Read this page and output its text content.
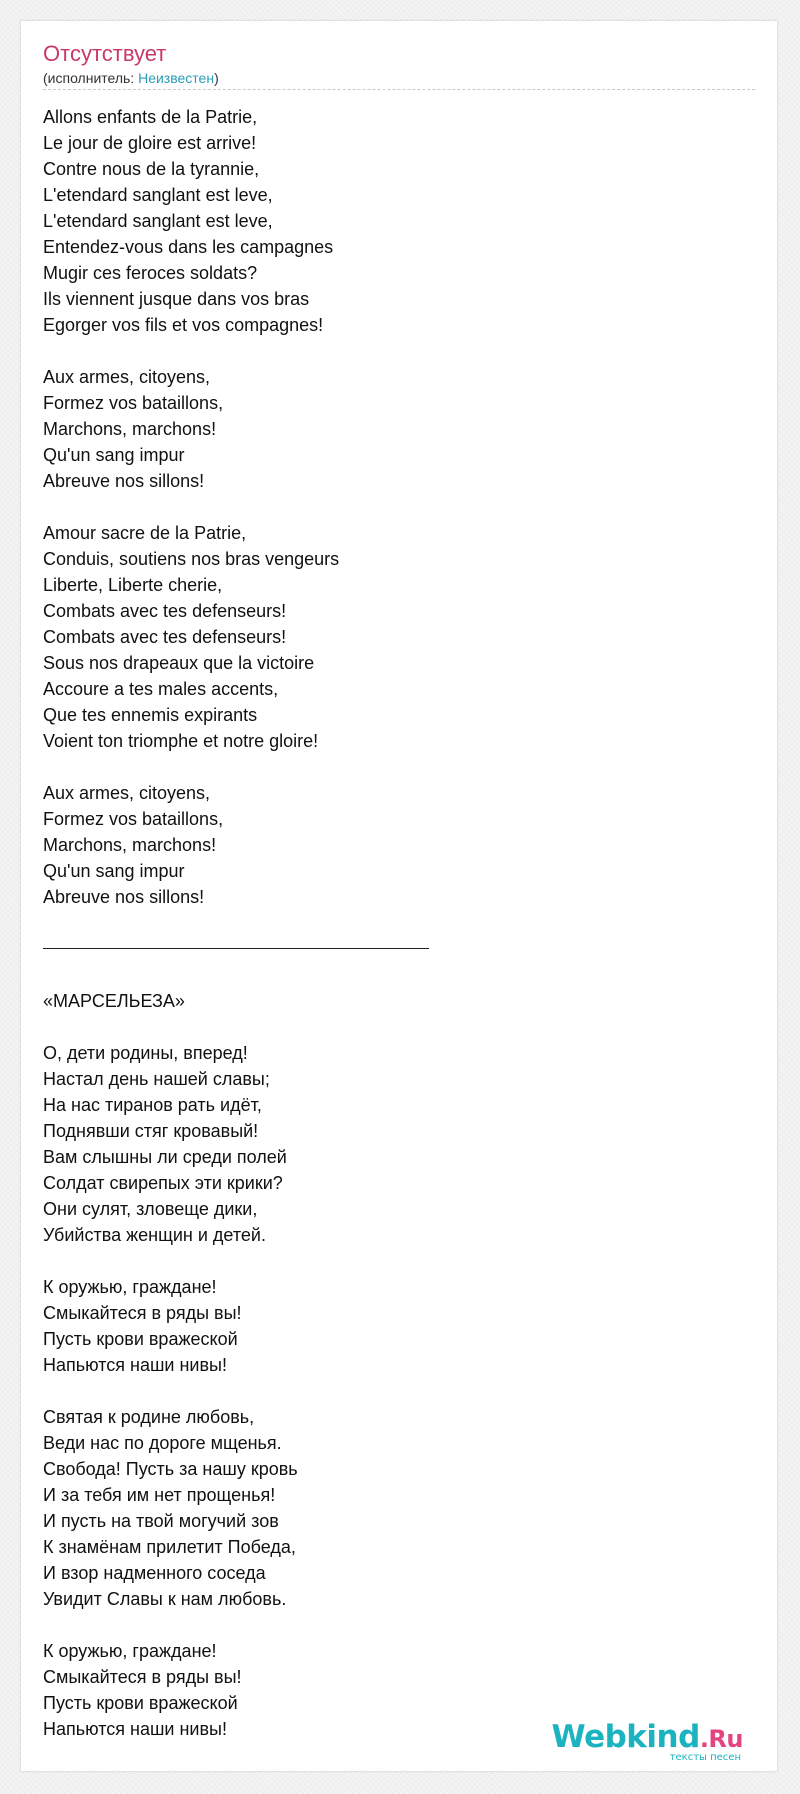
Отсутствует
(исполнитель: Неизвестен)
Allons enfants de la Patrie,
Le jour de gloire est arrive!
Contre nous de la tyrannie,
L'etendard sanglant est leve,
L'etendard sanglant est leve,
Entendez-vous dans les campagnes
Mugir ces feroces soldats?
Ils viennent jusque dans vos bras
Egorger vos fils et vos compagnes!
Aux armes, citoyens,
Formez vos bataillons,
Marchons, marchons!
Qu'un sang impur
Abreuve nos sillons!
Amour sacre de la Patrie,
Conduis, soutiens nos bras vengeurs
Liberte, Liberte cherie,
Combats avec tes defenseurs!
Combats avec tes defenseurs!
Sous nos drapeaux que la victoire
Accoure a tes males accents,
Que tes ennemis expirants
Voient ton triomphe et notre gloire!
Aux armes, citoyens,
Formez vos bataillons,
Marchons, marchons!
Qu'un sang impur
Abreuve nos sillons!
«МАРСЕЛЬЕЗА»
О, дети родины, вперед!
Настал день нашей славы;
На нас тиранов рать идёт,
Поднявши стяг кровавый!
Вам слышны ли среди полей
Солдат свирепых эти крики?
Они сулят, зловеще дики,
Убийства женщин и детей.
К оружью, граждане!
Смыкайтеся в ряды вы!
Пусть крови вражеской
Напьются наши нивы!
Святая к родине любовь,
Веди нас по дороге мщенья.
Свобода! Пусть за нашу кровь
И за тебя им нет прощенья!
И пусть на твой могучий зов
К знамёнам прилетит Победа,
И взор надменного соседа
Увидит Славы к нам любовь.
К оружью, граждане!
Смыкайтеся в ряды вы!
Пусть крови вражеской
Напьются наши нивы!	Webkind.Ru
тексты песен
